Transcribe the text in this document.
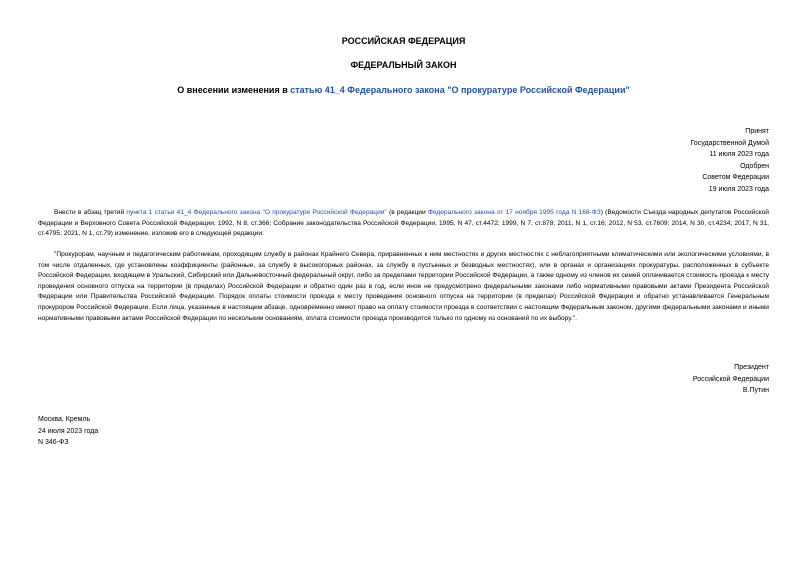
РОССИЙСКАЯ ФЕДЕРАЦИЯ
ФЕДЕРАЛЬНЫЙ ЗАКОН
О внесении изменения в статью 41_4 Федерального закона "О прокуратуре Российской Федерации"
Принят
Государственной Думой
11 июля 2023 года
Одобрен
Советом Федерации
19 июля 2023 года
Внести в абзац третий пункта 1 статьи 41_4 Федерального закона "О прокуратуре Российской Федерации" (в редакции Федерального закона от 17 ноября 1995 года N 168-ФЗ) (Ведомости Съезда народных депутатов Российской Федерации и Верховного Совета Российской Федерации, 1992, N 8, ст.366; Собрание законодательства Российской Федерации, 1995, N 47, ст.4472; 1999, N 7, ст.878; 2011, N 1, ст.16; 2012, N 53, ст.7609; 2014, N 30, ст.4234; 2017, N 31, ст.4795; 2021, N 1, ст.79) изменение, изложив его в следующей редакции:
"Прокурорам, научным и педагогическим работникам, проходящим службу в районах Крайнего Севера, приравненных к ним местностях и других местностях с неблагоприятными климатическими или экологическими условиями, в том числе отдаленных, где установлены коэффициенты (районные, за службу в высокогорных районах, за службу в пустынных и безводных местностях), или в органах и организациях прокуратуры, расположенных в субъекте Российской Федерации, входящем в Уральский, Сибирский или Дальневосточный федеральный округ, либо за пределами территории Российской Федерации, а также одному из членов их семей оплачивается стоимость проезда к месту проведения основного отпуска на территории (в пределах) Российской Федерации и обратно один раз в год, если иное не предусмотрено федеральными законами либо нормативными правовыми актами Президента Российской Федерации или Правительства Российской Федерации. Порядок оплаты стоимости проезда к месту проведения основного отпуска на территории (в пределах) Российской Федерации и обратно устанавливается Генеральным прокурором Российской Федерации. Если лица, указанные в настоящем абзаце, одновременно имеют право на оплату стоимости проезда в соответствии с настоящим Федеральным законом, другими федеральными законами и иными нормативными правовыми актами Российской Федерации по нескольким основаниям, оплата стоимости проезда производится только по одному из оснований по их выбору.".
Президент
Российской Федерации
В.Путин
Москва, Кремль
24 июля 2023 года
N 346-ФЗ
